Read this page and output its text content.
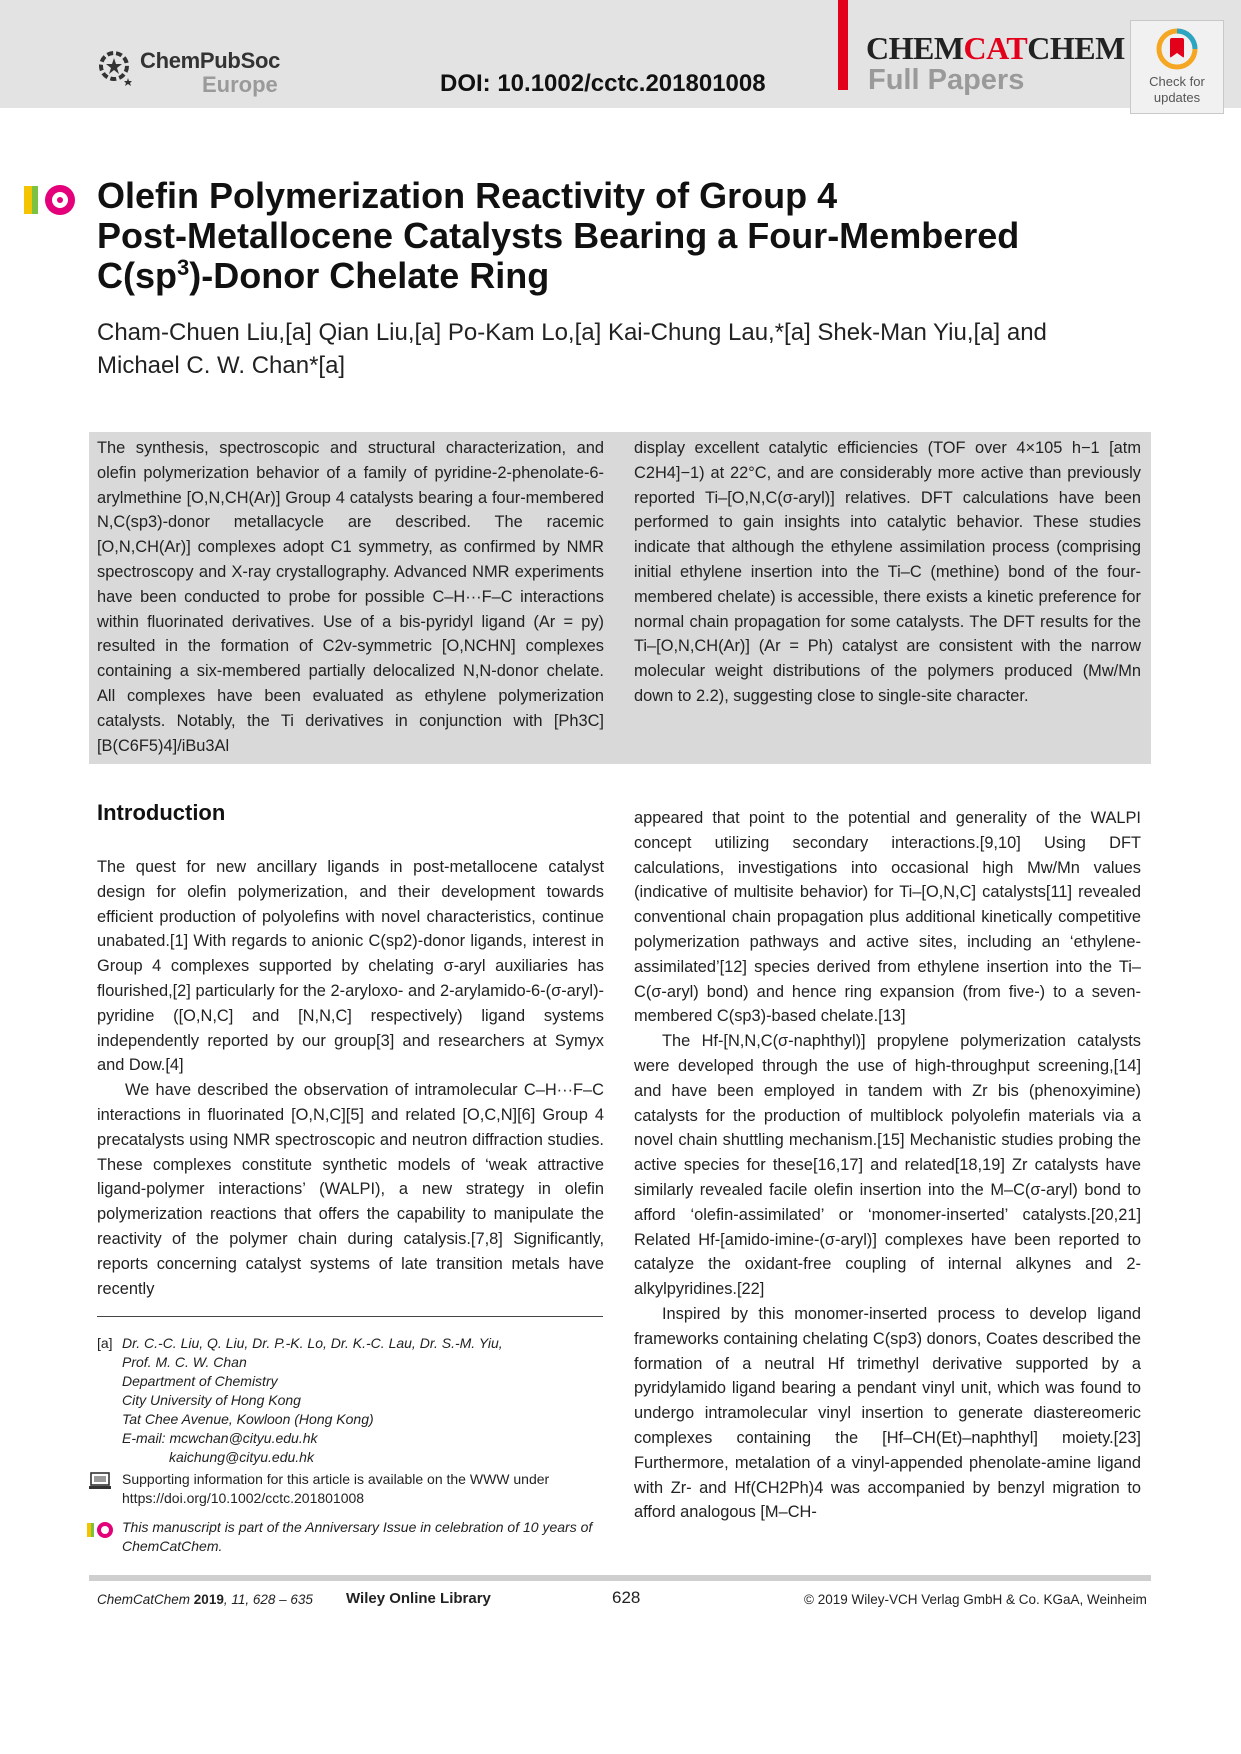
ChemPubSoc
Europe	DOI: 10.1002/cctc.201801008
CHEMCATCHEM
Full Papers	Check for
updates
Olefin Polymerization Reactivity of Group 4
Post-Metallocene Catalysts Bearing a Four-Membered
$C(sp^3)$-Donor Chelate Ring
Cham-Chuen Liu,[a] Qian Liu,[a] Po-Kam Lo,[a] Kai-Chung Lau,*[a] Shek-Man Yiu,[a] and
Michael C. W. Chan*[a]
The synthesis, spectroscopic and structural characterization, and olefin polymerization behavior of a family of pyridine-2-phenolate-6-arylmethine [O,N,CH(Ar)] Group 4 catalysts bearing a four-membered N,C(sp3)-donor metallacycle are described. The racemic [O,N,CH(Ar)] complexes adopt C1 symmetry, as confirmed by NMR spectroscopy and X-ray crystallography. Advanced NMR experiments have been conducted to probe for possible C–H···F–C interactions within fluorinated derivatives. Use of a bis-pyridyl ligand (Ar = py) resulted in the formation of C2v-symmetric [O,NCHN] complexes containing a six-membered partially delocalized N,N-donor chelate. All complexes have been evaluated as ethylene polymerization catalysts. Notably, the Ti derivatives in conjunction with [Ph3C][B(C6F5)4]/iBu3Al
display excellent catalytic efficiencies (TOF over 4×105 h−1 [atm C2H4]−1) at 22°C, and are considerably more active than previously reported Ti–[O,N,C(σ-aryl)] relatives. DFT calculations have been performed to gain insights into catalytic behavior. These studies indicate that although the ethylene assimilation process (comprising initial ethylene insertion into the Ti–C (methine) bond of the four-membered chelate) is accessible, there exists a kinetic preference for normal chain propagation for some catalysts. The DFT results for the Ti–[O,N,CH(Ar)] (Ar = Ph) catalyst are consistent with the narrow molecular weight distributions of the polymers produced (Mw/Mn down to 2.2), suggesting close to single-site character.
Introduction

The quest for new ancillary ligands in post-metallocene catalyst design for olefin polymerization, and their development towards efficient production of polyolefins with novel characteristics, continue unabated.[1] With regards to anionic C(sp2)-donor ligands, interest in Group 4 complexes supported by chelating σ-aryl auxiliaries has flourished,[2] particularly for the 2-aryloxo- and 2-arylamido-6-(σ-aryl)-pyridine ([O,N,C] and [N,N,C] respectively) ligand systems independently reported by our group[3] and researchers at Symyx and Dow.[4]

We have described the observation of intramolecular C–H···F–C interactions in fluorinated [O,N,C][5] and related [O,C,N][6] Group 4 precatalysts using NMR spectroscopic and neutron diffraction studies. These complexes constitute synthetic models of ‘weak attractive ligand-polymer interactions’ (WALPI), a new strategy in olefin polymerization reactions that offers the capability to manipulate the reactivity of the polymer chain during catalysis.[7,8] Significantly, reports concerning catalyst systems of late transition metals have recently

appeared that point to the potential and generality of the WALPI concept utilizing secondary interactions.[9,10] Using DFT calculations, investigations into occasional high Mw/Mn values (indicative of multisite behavior) for Ti–[O,N,C] catalysts[11] revealed conventional chain propagation plus additional kinetically competitive polymerization pathways and active sites, including an ‘ethylene-assimilated’[12] species derived from ethylene insertion into the Ti–C(σ-aryl) bond) and hence ring expansion (from five-) to a seven-membered C(sp3)-based chelate.[13]

The Hf-[N,N,C(σ-naphthyl)] propylene polymerization catalysts were developed through the use of high-throughput screening,[14] and have been employed in tandem with Zr bis (phenoxyimine) catalysts for the production of multiblock polyolefin materials via a novel chain shuttling mechanism.[15] Mechanistic studies probing the active species for these[16,17] and related[18,19] Zr catalysts have similarly revealed facile olefin insertion into the M–C(σ-aryl) bond to afford ‘olefin-assimilated’ or ‘monomer-inserted’ catalysts.[20,21] Related Hf-[amido-imine-(σ-aryl)] complexes have been reported to catalyze the oxidant-free coupling of internal alkynes and 2-alkylpyridines.[22]

Inspired by this monomer-inserted process to develop ligand frameworks containing chelating C(sp3) donors, Coates described the formation of a neutral Hf trimethyl derivative supported by a pyridylamido ligand bearing a pendant vinyl unit, which was found to undergo intramolecular vinyl insertion to generate diastereomeric complexes containing the [Hf–CH(Et)–naphthyl] moiety.[23] Furthermore, metalation of a vinyl-appended phenolate-amine ligand with Zr- and Hf(CH2Ph)4 was accompanied by benzyl migration to afford analogous [M–CH-

[a] Dr. C.-C. Liu, Q. Liu, Dr. P.-K. Lo, Dr. K.-C. Lau, Dr. S.-M. Yiu,
Prof. M. C. W. Chan
Department of Chemistry
City University of Hong Kong
Tat Chee Avenue, Kowloon (Hong Kong)
E-mail: mcwchan@cityu.edu.hk
kaichung@cityu.edu.hk
Supporting information for this article is available on the WWW under https://doi.org/10.1002/cctc.201801008
This manuscript is part of the Anniversary Issue in celebration of 10 years of ChemCatChem.
ChemCatChem 2019, 11, 628 – 635 Wiley Online Library	628	© 2019 Wiley-VCH Verlag GmbH & Co. KGaA, Weinheim
